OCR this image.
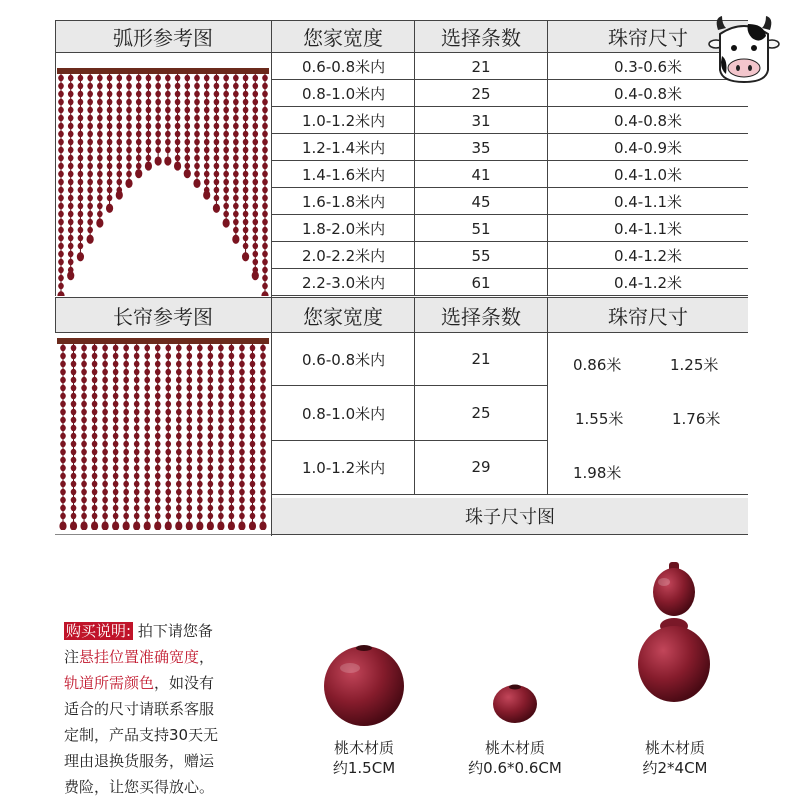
弧形参考图	您家宽度	选择条数	珠帘尺寸
0.6-0.8米内	21	0.3-0.6米
0.8-1.0米内	25	0.4-0.8米
1.0-1.2米内	31	0.4-0.8米
1.2-1.4米内	35	0.4-0.9米
1.4-1.6米内	41	0.4-1.0米
1.6-1.8米内	45	0.4-1.1米
1.8-2.0米内	51	0.4-1.1米
2.0-2.2米内	55	0.4-1.2米
2.2-3.0米内	61	0.4-1.2米
长帘参考图	您家宽度	选择条数	珠帘尺寸
0.6-0.8米内	21
0.8-1.0米内	25
1.0-1.2米内	29
0.86米	1.25米
1.55米	1.76米
1.98米
珠子尺寸图
购买说明: 拍下请您备
注悬挂位置准确宽度，
轨道所需颜色，如没有
适合的尺寸请联系客服
定制，产品支持30天无
理由退换货服务，赠运
费险，让您买得放心。
桃木材质
约1.5CM
桃木材质
约0.6*0.6CM
桃木材质
约2*4CM
